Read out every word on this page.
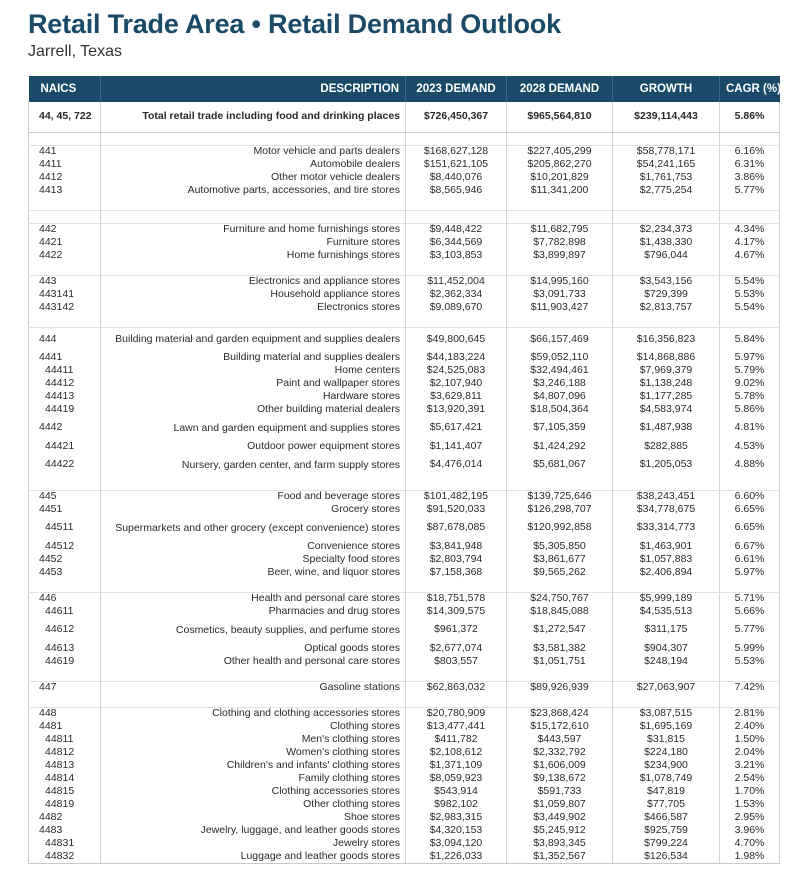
Retail Trade Area • Retail Demand Outlook
Jarrell, Texas
NAICS	DESCRIPTION	2023 DEMAND	2028 DEMAND	GROWTH	CAGR (%)*
44, 45, 722	Total retail trade including food and drinking places	$726,450,367	$965,564,810	$239,114,443	5.86%

441	Motor vehicle and parts dealers	$168,627,128	$227,405,299	$58,778,171	6.16%
4411	Automobile dealers	$151,621,105	$205,862,270	$54,241,165	6.31%
4412	Other motor vehicle dealers	$8,440,076	$10,201,829	$1,761,753	3.86%
4413	Automotive parts, accessories, and tire stores	$8,565,946	$11,341,200	$2,775,254	5.77%

442	Furniture and home furnishings stores	$9,448,422	$11,682,795	$2,234,373	4.34%
4421	Furniture stores	$6,344,569	$7,782,898	$1,438,330	4.17%
4422	Home furnishings stores	$3,103,853	$3,899,897	$796,044	4.67%

443	Electronics and appliance stores	$11,452,004	$14,995,160	$3,543,156	5.54%
443141	Household appliance stores	$2,362,334	$3,091,733	$729,399	5.53%
443142	Electronics stores	$9,089,670	$11,903,427	$2,813,757	5.54%

444	Building material and garden equipment and supplies dealers	$49,800,645	$66,157,469	$16,356,823	5.84%
4441	Building material and supplies dealers	$44,183,224	$59,052,110	$14,868,886	5.97%
44411	Home centers	$24,525,083	$32,494,461	$7,969,379	5.79%
44412	Paint and wallpaper stores	$2,107,940	$3,246,188	$1,138,248	9.02%
44413	Hardware stores	$3,629,811	$4,807,096	$1,177,285	5.78%
44419	Other building material dealers	$13,920,391	$18,504,364	$4,583,974	5.86%
4442	Lawn and garden equipment and supplies stores	$5,617,421	$7,105,359	$1,487,938	4.81%
44421	Outdoor power equipment stores	$1,141,407	$1,424,292	$282,885	4.53%
44422	Nursery, garden center, and farm supply stores	$4,476,014	$5,681,067	$1,205,053	4.88%

445	Food and beverage stores	$101,482,195	$139,725,646	$38,243,451	6.60%
4451	Grocery stores	$91,520,033	$126,298,707	$34,778,675	6.65%
44511	Supermarkets and other grocery (except convenience) stores	$87,678,085	$120,992,858	$33,314,773	6.65%
44512	Convenience stores	$3,841,948	$5,305,850	$1,463,901	6.67%
4452	Specialty food stores	$2,803,794	$3,861,677	$1,057,883	6.61%
4453	Beer, wine, and liquor stores	$7,158,368	$9,565,262	$2,406,894	5.97%

446	Health and personal care stores	$18,751,578	$24,750,767	$5,999,189	5.71%
44611	Pharmacies and drug stores	$14,309,575	$18,845,088	$4,535,513	5.66%
44612	Cosmetics, beauty supplies, and perfume stores	$961,372	$1,272,547	$311,175	5.77%
44613	Optical goods stores	$2,677,074	$3,581,382	$904,307	5.99%
44619	Other health and personal care stores	$803,557	$1,051,751	$248,194	5.53%

447	Gasoline stations	$62,863,032	$89,926,939	$27,063,907	7.42%

448	Clothing and clothing accessories stores	$20,780,909	$23,868,424	$3,087,515	2.81%
4481	Clothing stores	$13,477,441	$15,172,610	$1,695,169	2.40%
44811	Men's clothing stores	$411,782	$443,597	$31,815	1.50%
44812	Women's clothing stores	$2,108,612	$2,332,792	$224,180	2.04%
44813	Children's and infants' clothing stores	$1,371,109	$1,606,009	$234,900	3.21%
44814	Family clothing stores	$8,059,923	$9,138,672	$1,078,749	2.54%
44815	Clothing accessories stores	$543,914	$591,733	$47,819	1.70%
44819	Other clothing stores	$982,102	$1,059,807	$77,705	1.53%
4482	Shoe stores	$2,983,315	$3,449,902	$466,587	2.95%
4483	Jewelry, luggage, and leather goods stores	$4,320,153	$5,245,912	$925,759	3.96%
44831	Jewelry stores	$3,094,120	$3,893,345	$799,224	4.70%
44832	Luggage and leather goods stores	$1,226,033	$1,352,567	$126,534	1.98%
